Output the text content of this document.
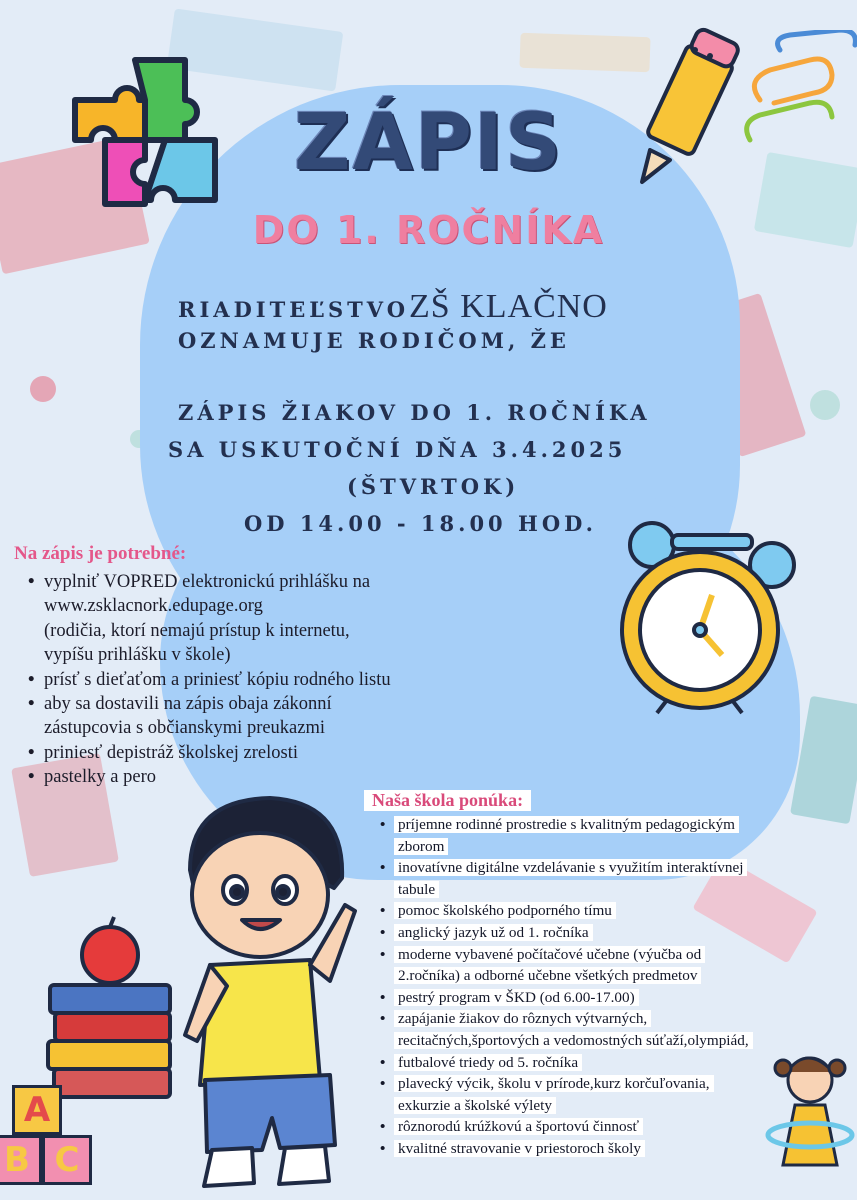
ZÁPIS
DO 1. ROČNÍKA
RIADITEĽSTVOZŠ KLAČNO
OZNAMUJE RODIČOM, ŽE
ZÁPIS ŽIAKOV DO 1. ROČNÍKA
SA USKUTOČNÍ DŇA 3.4.2025
(ŠTVRTOK)
OD 14.00 - 18.00 HOD.
Na zápis je potrebné:
• vyplniť VOPRED elektronickú prihlášku na
www.zsklacnork.edupage.org
(rodičia, ktorí nemajú prístup k internetu,
vypíšu prihlášku v škole)
• prísť s dieťaťom a priniesť kópiu rodného listu
• aby sa dostavili na zápis obaja zákonní
zástupcovia s občianskymi preukazmi
• priniesť depistráž školskej zrelosti
• pastelky a pero
A
B C
Naša škola ponúka:
• príjemne rodinné prostredie s kvalitným pedagogickým
zborom
• inovatívne digitálne vzdelávanie s využitím interaktívnej
tabule
• pomoc školského podporného tímu
• anglický jazyk už od 1. ročníka
• moderne vybavené počítačové učebne (výučba od
2.ročníka) a odborné učebne všetkých predmetov
• pestrý program v ŠKD (od 6.00-17.00)
• zapájanie žiakov do rôznych výtvarných,
recitačných,športových a vedomostných súťaží,olympiád,
• futbalové triedy od 5. ročníka
• plavecký výcik, školu v prírode,kurz korčuľovania,
exkurzie a školské výlety
• rôznorodú krúžkovú a športovú činnosť
• kvalitné stravovanie v priestoroch školy
